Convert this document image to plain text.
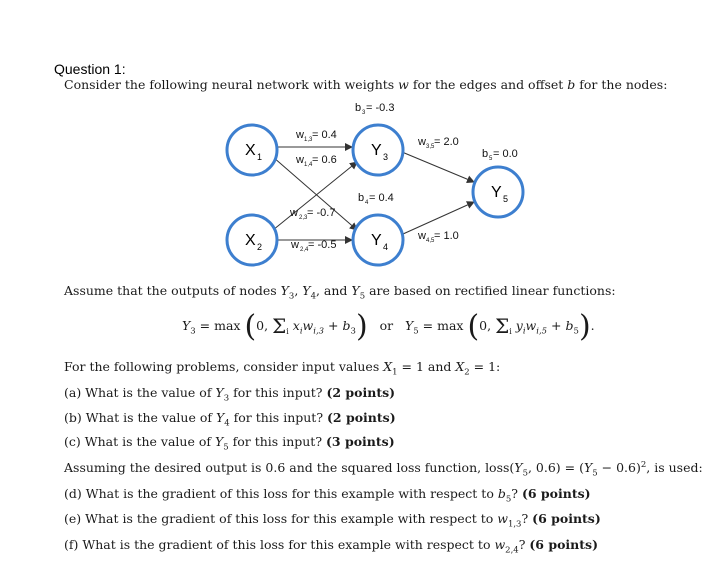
Question 1:
Consider the following neural network with weights w for the edges and offset b for the nodes:
X 1
X 2
Y 3
Y 4
Y 5
b 3 = -0.3
b 4 = 0.4
b 5 = 0.0
w 1,3 = 0.4
w 1,4 = 0.6
w 2,3 = -0.7
w 2,4 = -0.5
w 3,5 = 2.0
w 4,5 = 1.0
Assume that the outputs of nodes $Y_3$, $Y_4$, and $Y_5$ are based on rectified linear functions:
$Y_3 = \max (0$, $\Sigma_i$ $x_iw_{i,3} + b_3$)   or   $Y_5 = \max (0$, $\Sigma_i$ $y_iw_{i,5} + b_5$).
For the following problems, consider input values $X_1 = 1$ and $X_2 = 1$:
(a) What is the value of $Y_3$ for this input? (2 points)
(b) What is the value of $Y_4$ for this input? (2 points)
(c) What is the value of $Y_5$ for this input? (3 points)
Assuming the desired output is 0.6 and the squared loss function, $loss(Y_5$, $0.6) = (Y_5 - 0.6)^2$, is used:
(d) What is the gradient of this loss for this example with respect to $b_5$? (6 points)
(e) What is the gradient of this loss for this example with respect to $w_{1,3}$? (6 points)
(f) What is the gradient of this loss for this example with respect to $w_{2,4}$? (6 points)
